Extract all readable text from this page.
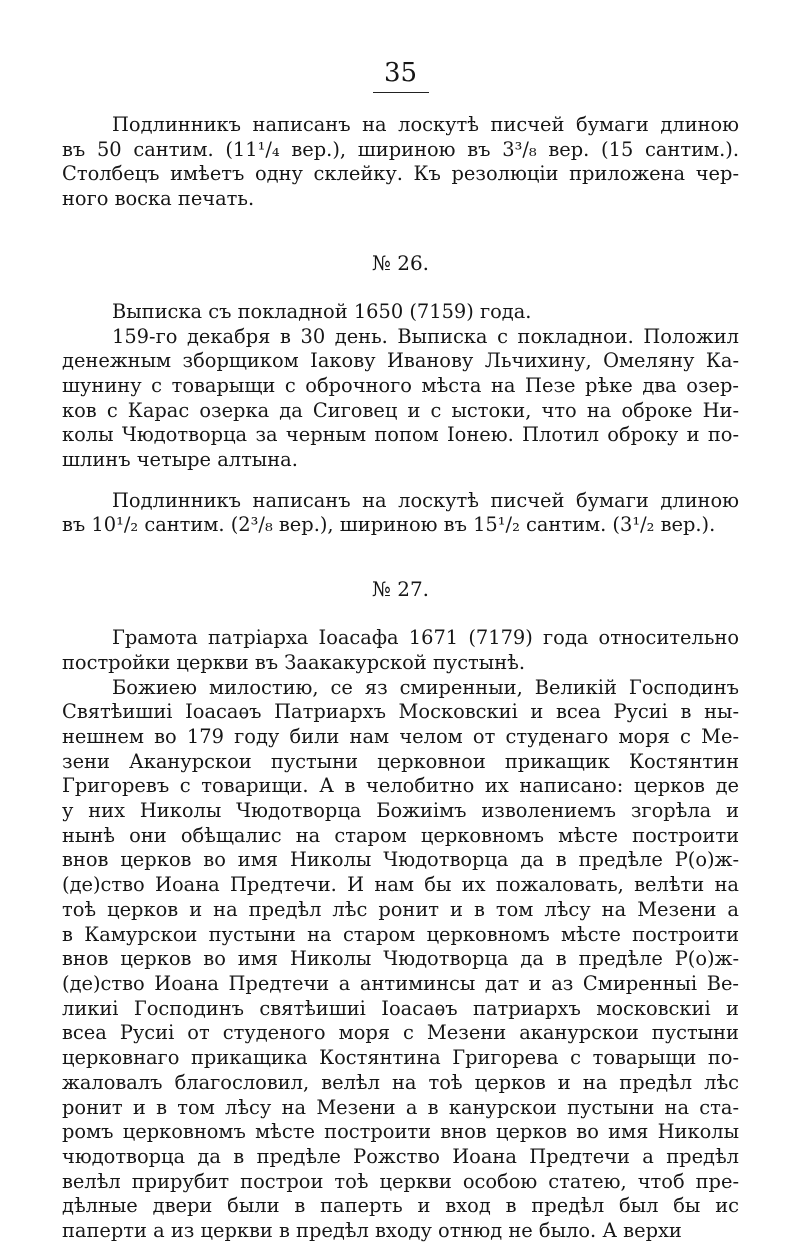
35
Подлинникъ написанъ на лоскутѣ писчей бумаги длиною
въ 50 сантим. (11¹/₄ вер.), шириною въ 3³/₈ вер. (15 сантим.).
Столбецъ имѣетъ одну склейку. Къ резолюціи приложена чер-
ного воска печать.
№ 26.
Выписка съ покладной 1650 (7159) года.
159-го декабря в 30 день. Выписка с покладнои. Положил
денежным зборщиком Іакову Иванову Льчихину, Омеляну Ка-
шунину с товарыщи с оброчного мѣста на Пезе рѣке два озер-
ков с Карас озерка да Сиговец и с ыстоки, что на оброке Ни-
колы Чюдотворца за черным попом Іонею. Плотил оброку и по-
шлинъ четыре алтына.
Подлинникъ написанъ на лоскутѣ писчей бумаги длиною
въ 10¹/₂ сантим. (2³/₈ вер.), шириною въ 15¹/₂ сантим. (3¹/₂ вер.).
№ 27.
Грамота патріарха Іоасафа 1671 (7179) года относительно
постройки церкви въ Заакакурской пустынѣ.
Божиею милостию, се яз смиренныи, Великій Господинъ
Святѣишиі Іоасаѳъ Патриархъ Московскиі и всеа Русиі в ны-
нешнем во 179 году били нам челом от студенаго моря с Ме-
зени Аканурскои пустыни церковнои прикащик Костянтин
Григоревъ с товарищи. А в челобитно их написано: церков де
у них Николы Чюдотворца Божиімъ изволениемъ згорѣла и
нынѣ они обѣщалис на старом церковномъ мѣсте построити
внов церков во имя Николы Чюдотворца да в предѣле Р(о)ж-
(де)ство Иоана Предтечи. И нам бы их пожаловать, велѣти на
тоѣ церков и на предѣл лѣс ронит и в том лѣсу на Мезени а
в Камурскои пустыни на старом церковномъ мѣсте построити
внов церков во имя Николы Чюдотворца да в предѣле Р(о)ж-
(де)ство Иоана Предтечи а антиминсы дат и аз Смиренныі Ве-
ликиі Господинъ святѣишиі Іоасаѳъ патриархъ московскиі и
всеа Русиі от студеного моря с Мезени аканурскои пустыни
церковнаго прикащика Костянтина Григорева с товарыщи по-
жаловалъ благословил, велѣл на тоѣ церков и на предѣл лѣс
ронит и в том лѣсу на Мезени а в канурскои пустыни на ста-
ромъ церковномъ мѣсте построити внов церков во имя Николы
чюдотворца да в предѣле Рожство Иоана Предтечи а предѣл
велѣл прирубит построи тоѣ церкви особою статею, чтоб пре-
дѣлные двери были в паперть и вход в предѣл был бы ис
паперти а из церкви в предѣл входу отнюд не было. А верхи
